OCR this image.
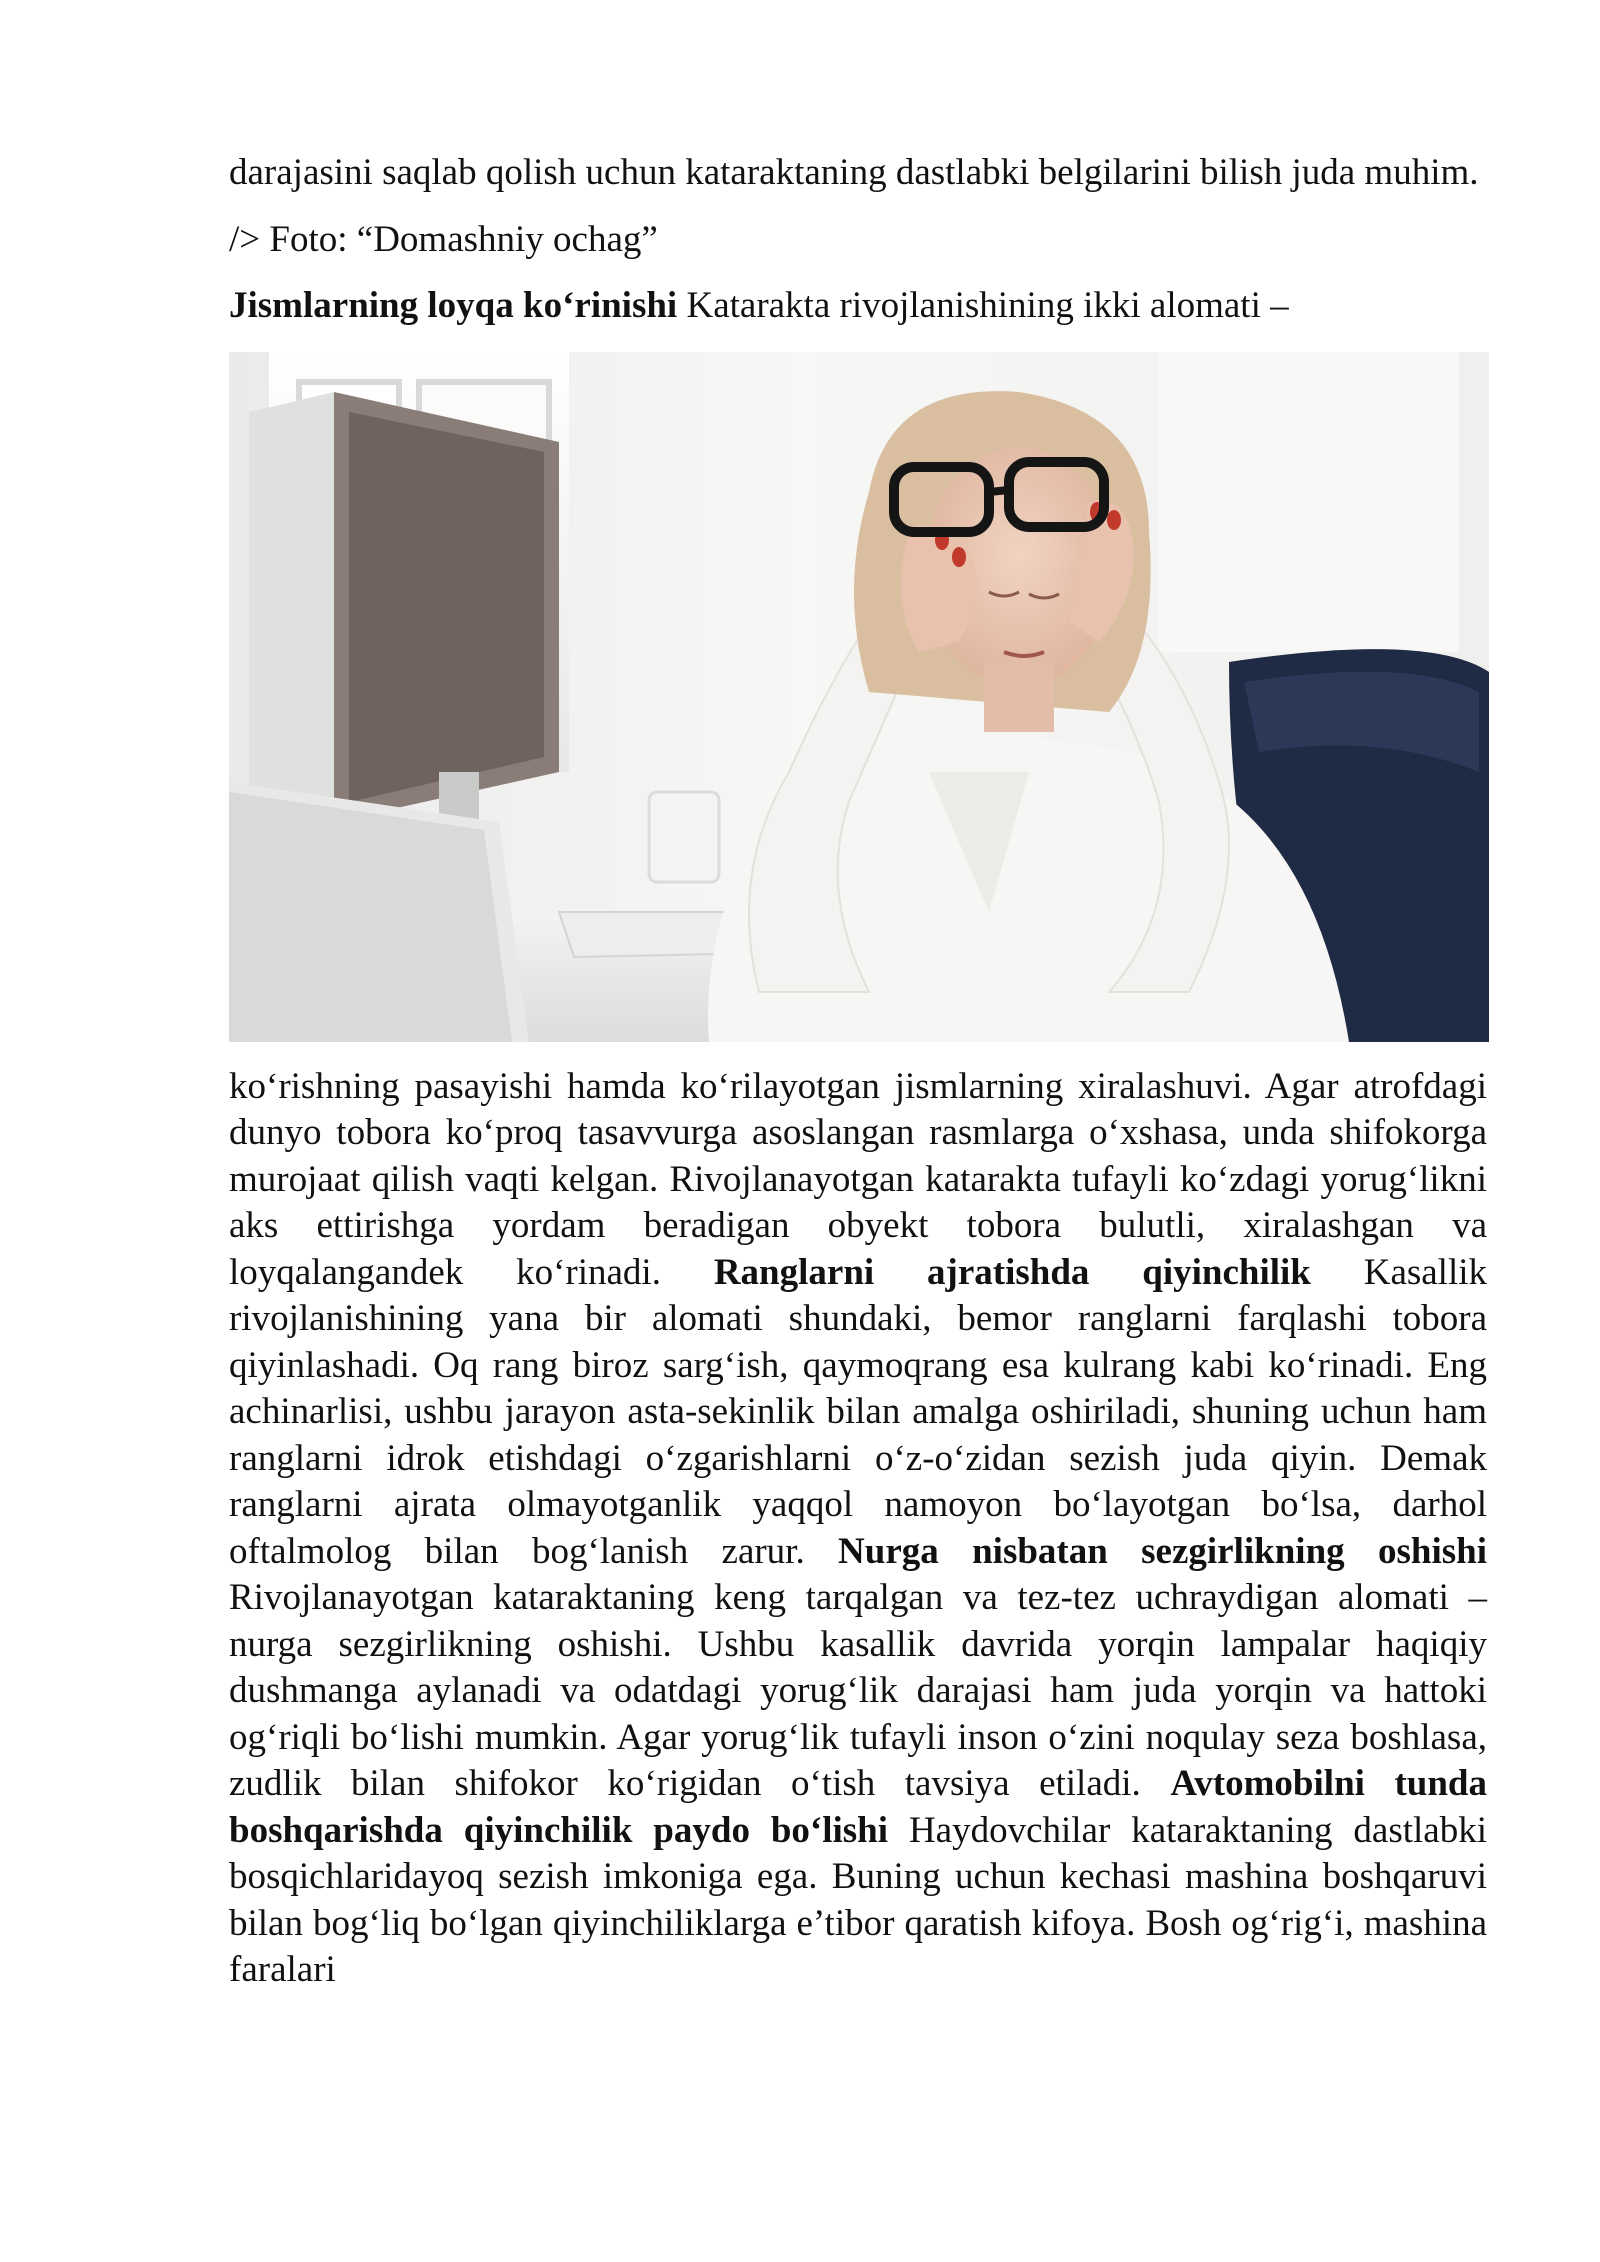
darajasini saqlab qolish uchun kataraktaning dastlabki belgilarini bilish juda muhim.

/> Foto: “Domashniy ochag”

Jismlarning loyqa ko‘rinishi Katarakta rivojlanishining ikki alomati –

ko‘rishning pasayishi hamda ko‘rilayotgan jismlarning xiralashuvi. Agar atrofdagi dunyo tobora ko‘proq tasavvurga asoslangan rasmlarga o‘xshasa, unda shifokorga murojaat qilish vaqti kelgan. Rivojlanayotgan katarakta tufayli ko‘zdagi yorug‘likni aks ettirishga yordam beradigan obyekt tobora bulutli, xiralashgan va loyqalangandek ko‘rinadi. Ranglarni ajratishda qiyinchilik Kasallik rivojlanishining yana bir alomati shundaki, bemor ranglarni farqlashi tobora qiyinlashadi. Oq rang biroz sarg‘ish, qaymoqrang esa kulrang kabi ko‘rinadi. Eng achinarlisi, ushbu jarayon asta-sekinlik bilan amalga oshiriladi, shuning uchun ham ranglarni idrok etishdagi o‘zgarishlarni o‘z-o‘zidan sezish juda qiyin. Demak ranglarni ajrata olmayotganlik yaqqol namoyon bo‘layotgan bo‘lsa, darhol oftalmolog bilan bog‘lanish zarur. Nurga nisbatan sezgirlikning oshishi Rivojlanayotgan kataraktaning keng tarqalgan va tez-tez uchraydigan alomati – nurga sezgirlikning oshishi. Ushbu kasallik davrida yorqin lampalar haqiqiy dushmanga aylanadi va odatdagi yorug‘lik darajasi ham juda yorqin va hattoki og‘riqli bo‘lishi mumkin. Agar yorug‘lik tufayli inson o‘zini noqulay seza boshlasa, zudlik bilan shifokor ko‘rigidan o‘tish tavsiya etiladi. Avtomobilni tunda boshqarishda qiyinchilik paydo bo‘lishi Haydovchilar kataraktaning dastlabki bosqichlaridayoq sezish imkoniga ega. Buning uchun kechasi mashina boshqaruvi bilan bog‘liq bo‘lgan qiyinchiliklarga e’tibor qaratish kifoya. Bosh og‘rig‘i, mashina faralari
